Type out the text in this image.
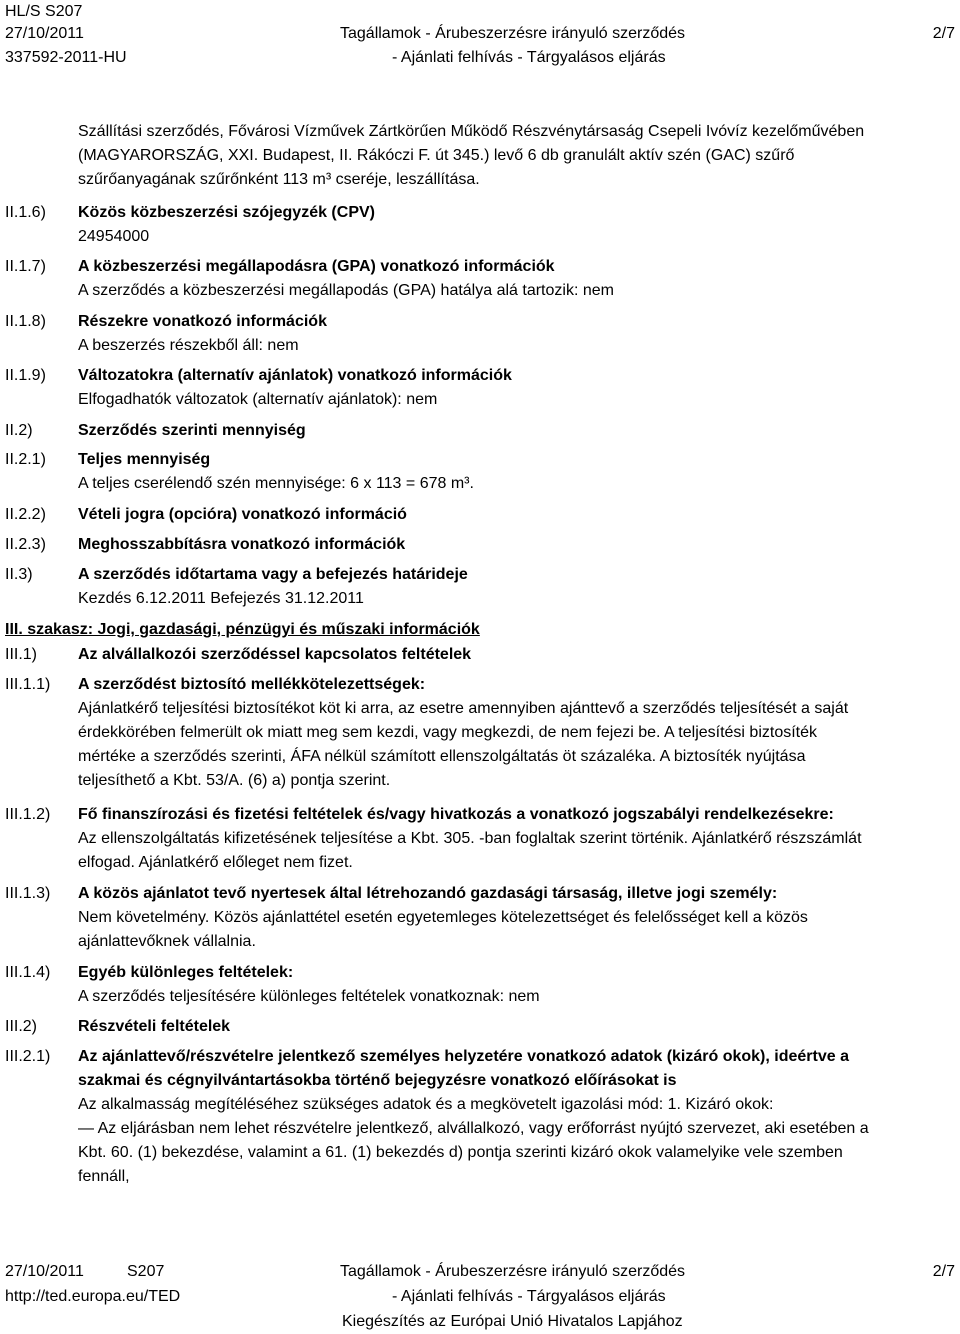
HL/S S207
27/10/2011
337592-2011-HU
Tagállamok - Árubeszerzésre irányuló szerződés
- Ajánlati felhívás - Tárgyalásos eljárás
2/7
Szállítási szerződés, Fővárosi Vízművek Zártkörűen Működő Részvénytársaság Csepeli Ivóvíz kezelőművében
(MAGYARORSZÁG, XXI. Budapest, II. Rákóczi F. út 345.) levő 6 db granulált aktív szén (GAC) szűrő
szűrőanyagának szűrőnként 113 m³ cseréje, leszállítása.
II.1.6) Közös közbeszerzési szójegyzék (CPV)
24954000
II.1.7) A közbeszerzési megállapodásra (GPA) vonatkozó információk
A szerződés a közbeszerzési megállapodás (GPA) hatálya alá tartozik: nem
II.1.8) Részekre vonatkozó információk
A beszerzés részekből áll: nem
II.1.9) Változatokra (alternatív ajánlatok) vonatkozó információk
Elfogadhatók változatok (alternatív ajánlatok): nem
II.2)	Szerződés szerinti mennyiség
II.2.1) Teljes mennyiség
A teljes cserélendő szén mennyisége: 6 x 113 = 678 m³.
II.2.2) Vételi jogra (opcióra) vonatkozó információ
II.2.3) Meghosszabbításra vonatkozó információk
II.3)	A szerződés időtartama vagy a befejezés határideje
Kezdés 6.12.2011 Befejezés 31.12.2011
III. szakasz: Jogi, gazdasági, pénzügyi és műszaki információk
III.1)	Az alvállalkozói szerződéssel kapcsolatos feltételek
III.1.1) A szerződést biztosító mellékkötelezettségek:
Ajánlatkérő teljesítési biztosítékot köt ki arra, az esetre amennyiben ajánttevő a szerződés teljesítését a saját
érdekkörében felmerült ok miatt meg sem kezdi, vagy megkezdi, de nem fejezi be. A teljesítési biztosíték
mértéke a szerződés szerinti, ÁFA nélkül számított ellenszolgáltatás öt százaléka. A biztosíték nyújtása
teljesíthető a Kbt. 53/A. (6) a) pontja szerint.
III.1.2) Fő finanszírozási és fizetési feltételek és/vagy hivatkozás a vonatkozó jogszabályi rendelkezésekre:
Az ellenszolgáltatás kifizetésének teljesítése a Kbt. 305. -ban foglaltak szerint történik. Ajánlatkérő részszámlát
elfogad. Ajánlatkérő előleget nem fizet.
III.1.3) A közös ajánlatot tevő nyertesek által létrehozandó gazdasági társaság, illetve jogi személy:
Nem követelmény. Közös ajánlattétel esetén egyetemleges kötelezettséget és felelősséget kell a közös
ajánlattevőknek vállalnia.
III.1.4) Egyéb különleges feltételek:
A szerződés teljesítésére különleges feltételek vonatkoznak: nem
III.2)	Részvételi feltételek
III.2.1) Az ajánlattevő/részvételre jelentkező személyes helyzetére vonatkozó adatok (kizáró okok), ideértve a
szakmai és cégnyilvántartásokba történő bejegyzésre vonatkozó előírásokat is
Az alkalmasság megítéléséhez szükséges adatok és a megkövetelt igazolási mód: 1. Kizáró okok:
— Az eljárásban nem lehet részvételre jelentkező, alvállalkozó, vagy erőforrást nyújtó szervezet, aki esetében a
Kbt. 60. (1) bekezdése, valamint a 61. (1) bekezdés d) pontja szerinti kizáró okok valamelyike vele szemben
fennáll,
27/10/2011	S207
http://ted.europa.eu/TED
Tagállamok - Árubeszerzésre irányuló szerződés
- Ajánlati felhívás - Tárgyalásos eljárás
Kiegészítés az Európai Unió Hivatalos Lapjához
2/7
